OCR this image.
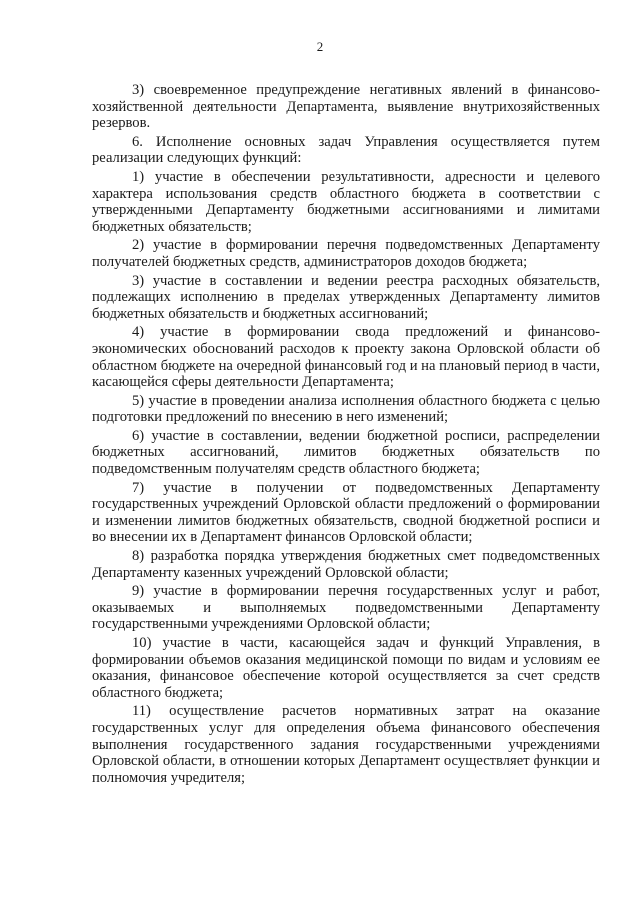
2

3) своевременное предупреждение негативных явлений в финансово-хозяйственной деятельности Департамента, выявление внутрихозяйственных резервов.

6. Исполнение основных задач Управления осуществляется путем реализации следующих функций:

1) участие в обеспечении результативности, адресности и целевого характера использования средств областного бюджета в соответствии с утвержденными Департаменту бюджетными ассигнованиями и лимитами бюджетных обязательств;

2) участие в формировании перечня подведомственных Департаменту получателей бюджетных средств, администраторов доходов бюджета;

3) участие в составлении и ведении реестра расходных обязательств, подлежащих исполнению в пределах утвержденных Департаменту лимитов бюджетных обязательств и бюджетных ассигнований;

4) участие в формировании свода предложений и финансово-экономических обоснований расходов к проекту закона Орловской области об областном бюджете на очередной финансовый год и на плановый период в части, касающейся сферы деятельности Департамента;

5) участие в проведении анализа исполнения областного бюджета с целью подготовки предложений по внесению в него изменений;

6) участие в составлении, ведении бюджетной росписи, распределении бюджетных ассигнований, лимитов бюджетных обязательств по подведомственным получателям средств областного бюджета;

7) участие в получении от подведомственных Департаменту государственных учреждений Орловской области предложений о формировании и изменении лимитов бюджетных обязательств, сводной бюджетной росписи и во внесении их в Департамент финансов Орловской области;

8) разработка порядка утверждения бюджетных смет подведомственных Департаменту казенных учреждений Орловской области;

9) участие в формировании перечня государственных услуг и работ, оказываемых и выполняемых подведомственными Департаменту государственными учреждениями Орловской области;

10) участие в части, касающейся задач и функций Управления, в формировании объемов оказания медицинской помощи по видам и условиям ее оказания, финансовое обеспечение которой осуществляется за счет средств областного бюджета;

11) осуществление расчетов нормативных затрат на оказание государственных услуг для определения объема финансового обеспечения выполнения государственного задания государственными учреждениями Орловской области, в отношении которых Департамент осуществляет функции и полномочия учредителя;
